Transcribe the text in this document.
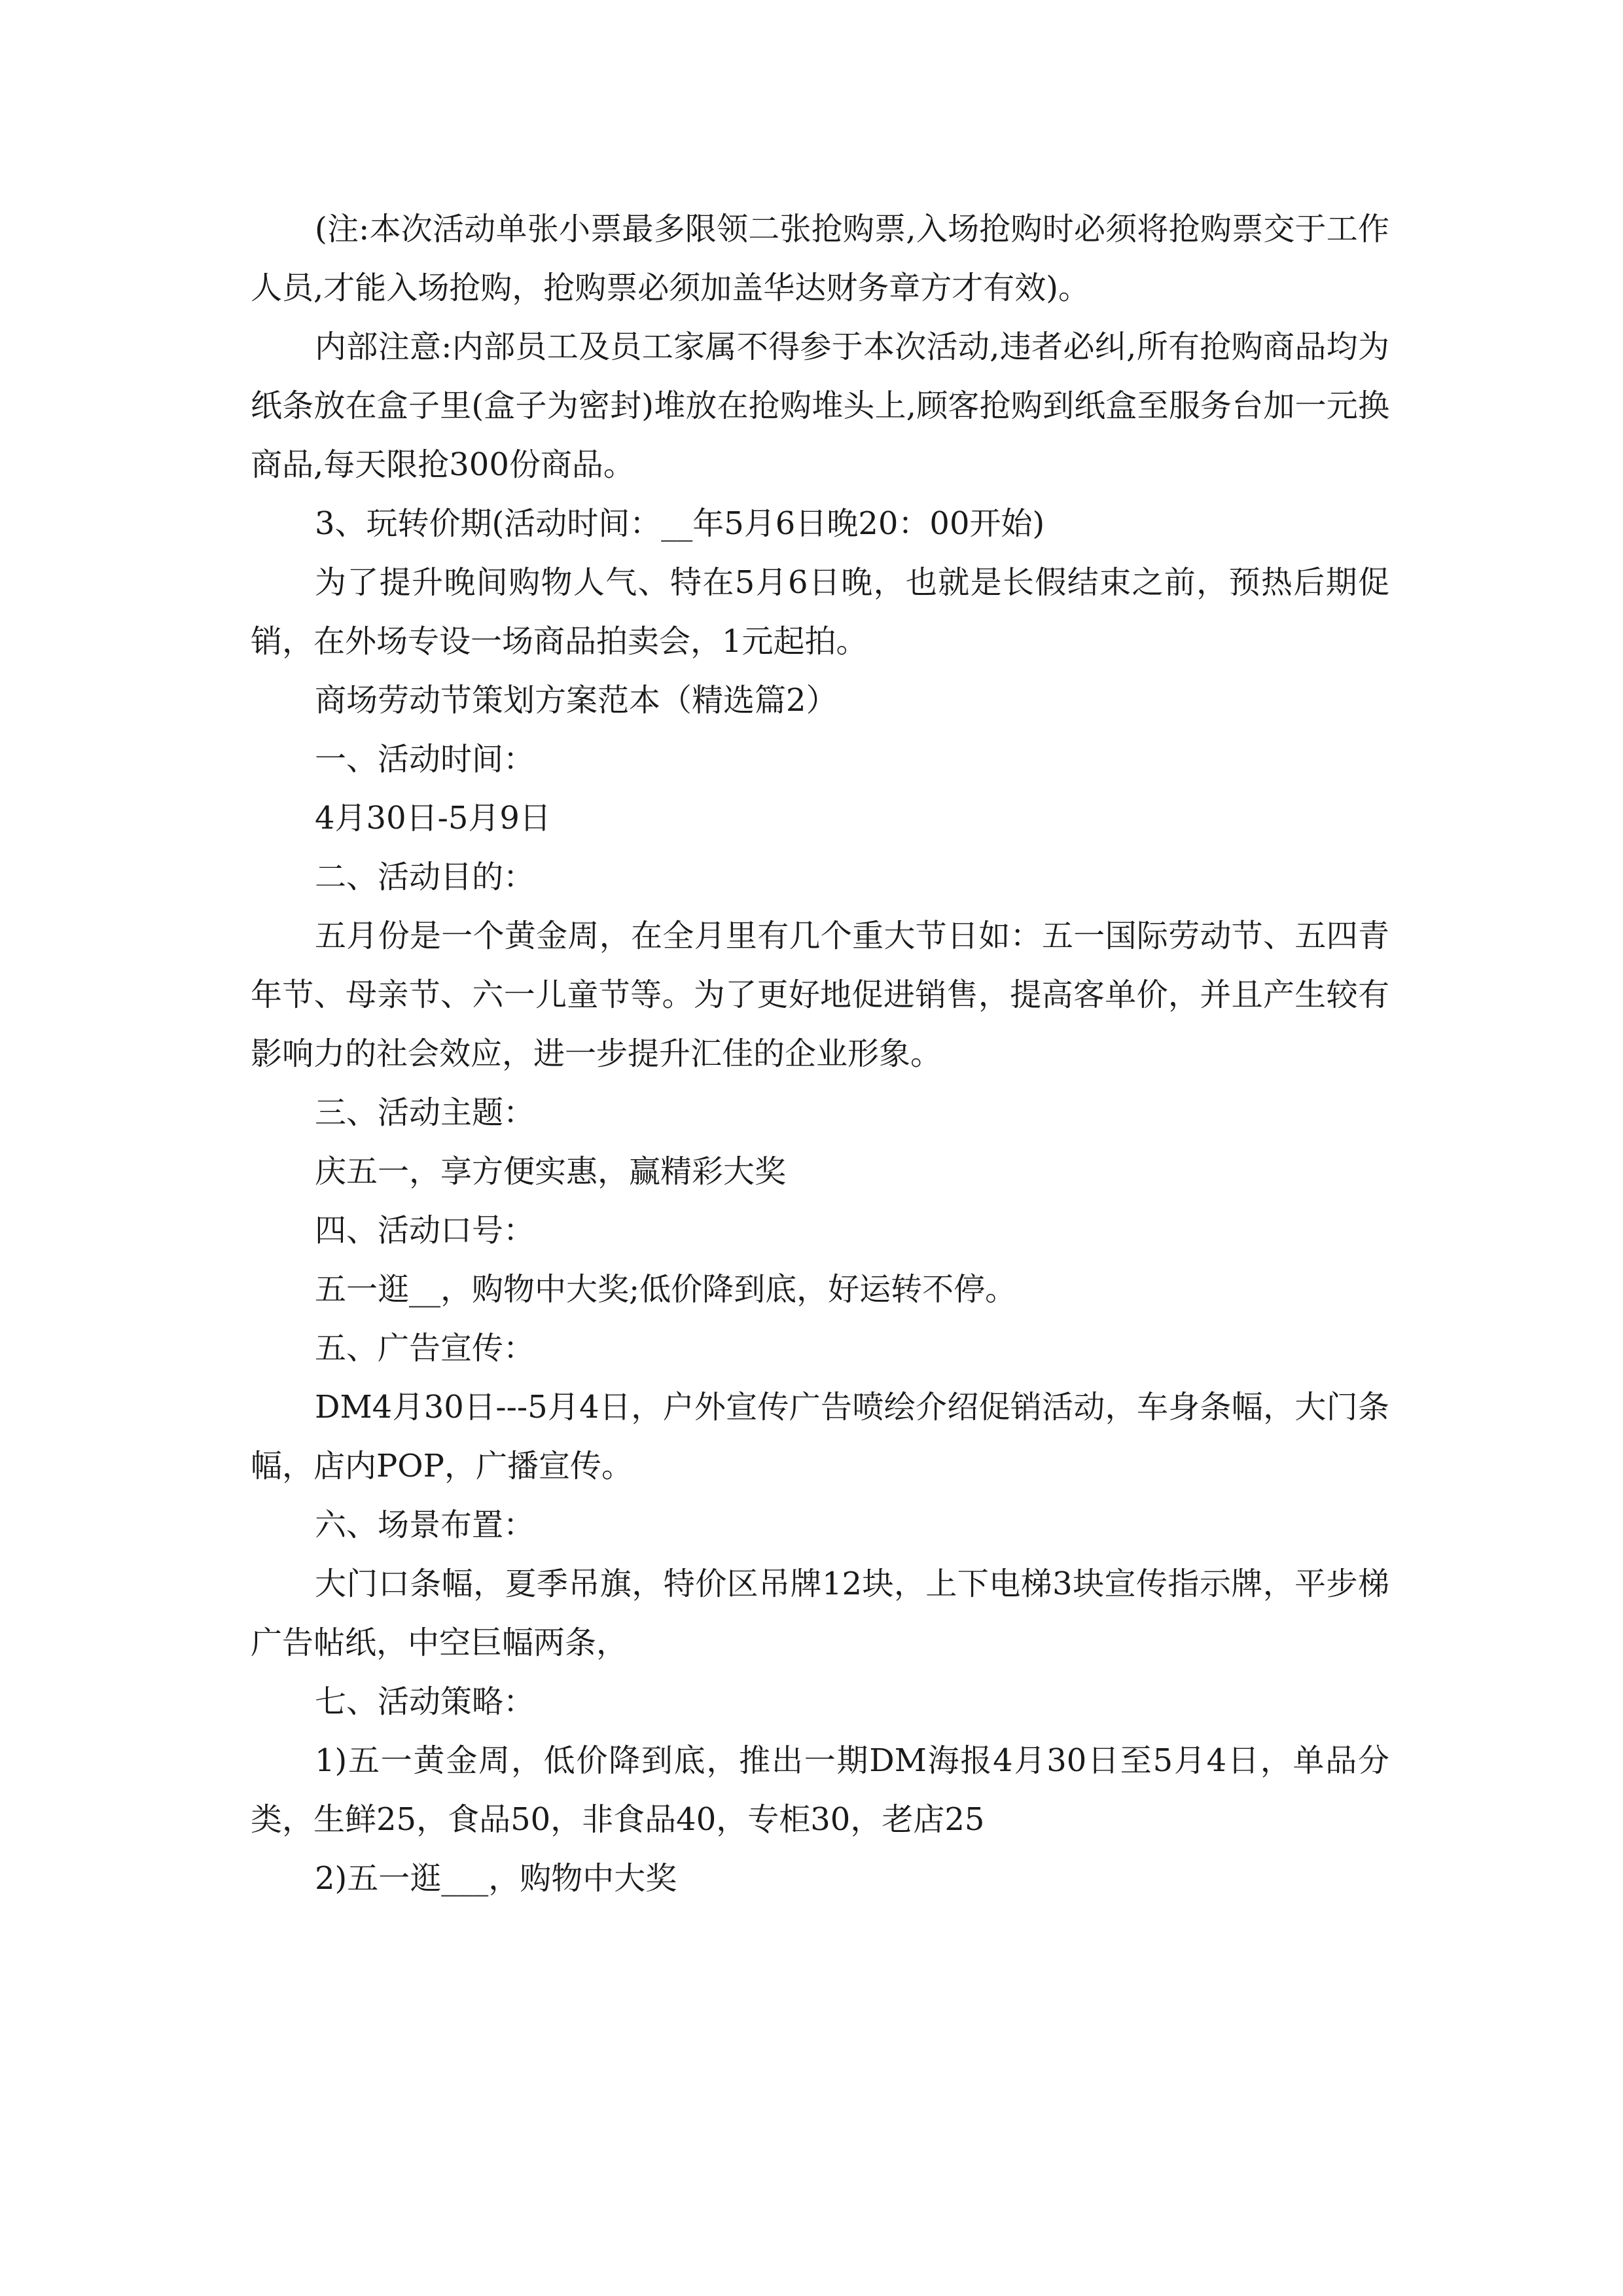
(注:本次活动单张小票最多限领二张抢购票,入场抢购时必须将抢购票交于工作人员,才能入场抢购，抢购票必须加盖华达财务章方才有效)。

内部注意:内部员工及员工家属不得参于本次活动,违者必纠,所有抢购商品均为纸条放在盒子里(盒子为密封)堆放在抢购堆头上,顾客抢购到纸盒至服务台加一元换商品,每天限抢300份商品。

3、玩转价期(活动时间：__年5月6日晚20：00开始)

为了提升晚间购物人气、特在5月6日晚，也就是长假结束之前，预热后期促销，在外场专设一场商品拍卖会，1元起拍。

商场劳动节策划方案范本（精选篇2）

一、活动时间：

4月30日-5月9日

二、活动目的：

五月份是一个黄金周，在全月里有几个重大节日如：五一国际劳动节、五四青年节、母亲节、六一儿童节等。为了更好地促进销售，提高客单价，并且产生较有影响力的社会效应，进一步提升汇佳的企业形象。

三、活动主题：

庆五一，享方便实惠，赢精彩大奖

四、活动口号：

五一逛__，购物中大奖;低价降到底，好运转不停。

五、广告宣传：

DM4月30日---5月4日，户外宣传广告喷绘介绍促销活动，车身条幅，大门条幅，店内POP，广播宣传。

六、场景布置：

大门口条幅，夏季吊旗，特价区吊牌12块，上下电梯3块宣传指示牌，平步梯广告帖纸，中空巨幅两条，

七、活动策略：

1)五一黄金周，低价降到底，推出一期DM海报4月30日至5月4日，单品分类，生鲜25，食品50，非食品40，专柜30，老店25

2)五一逛___，购物中大奖
